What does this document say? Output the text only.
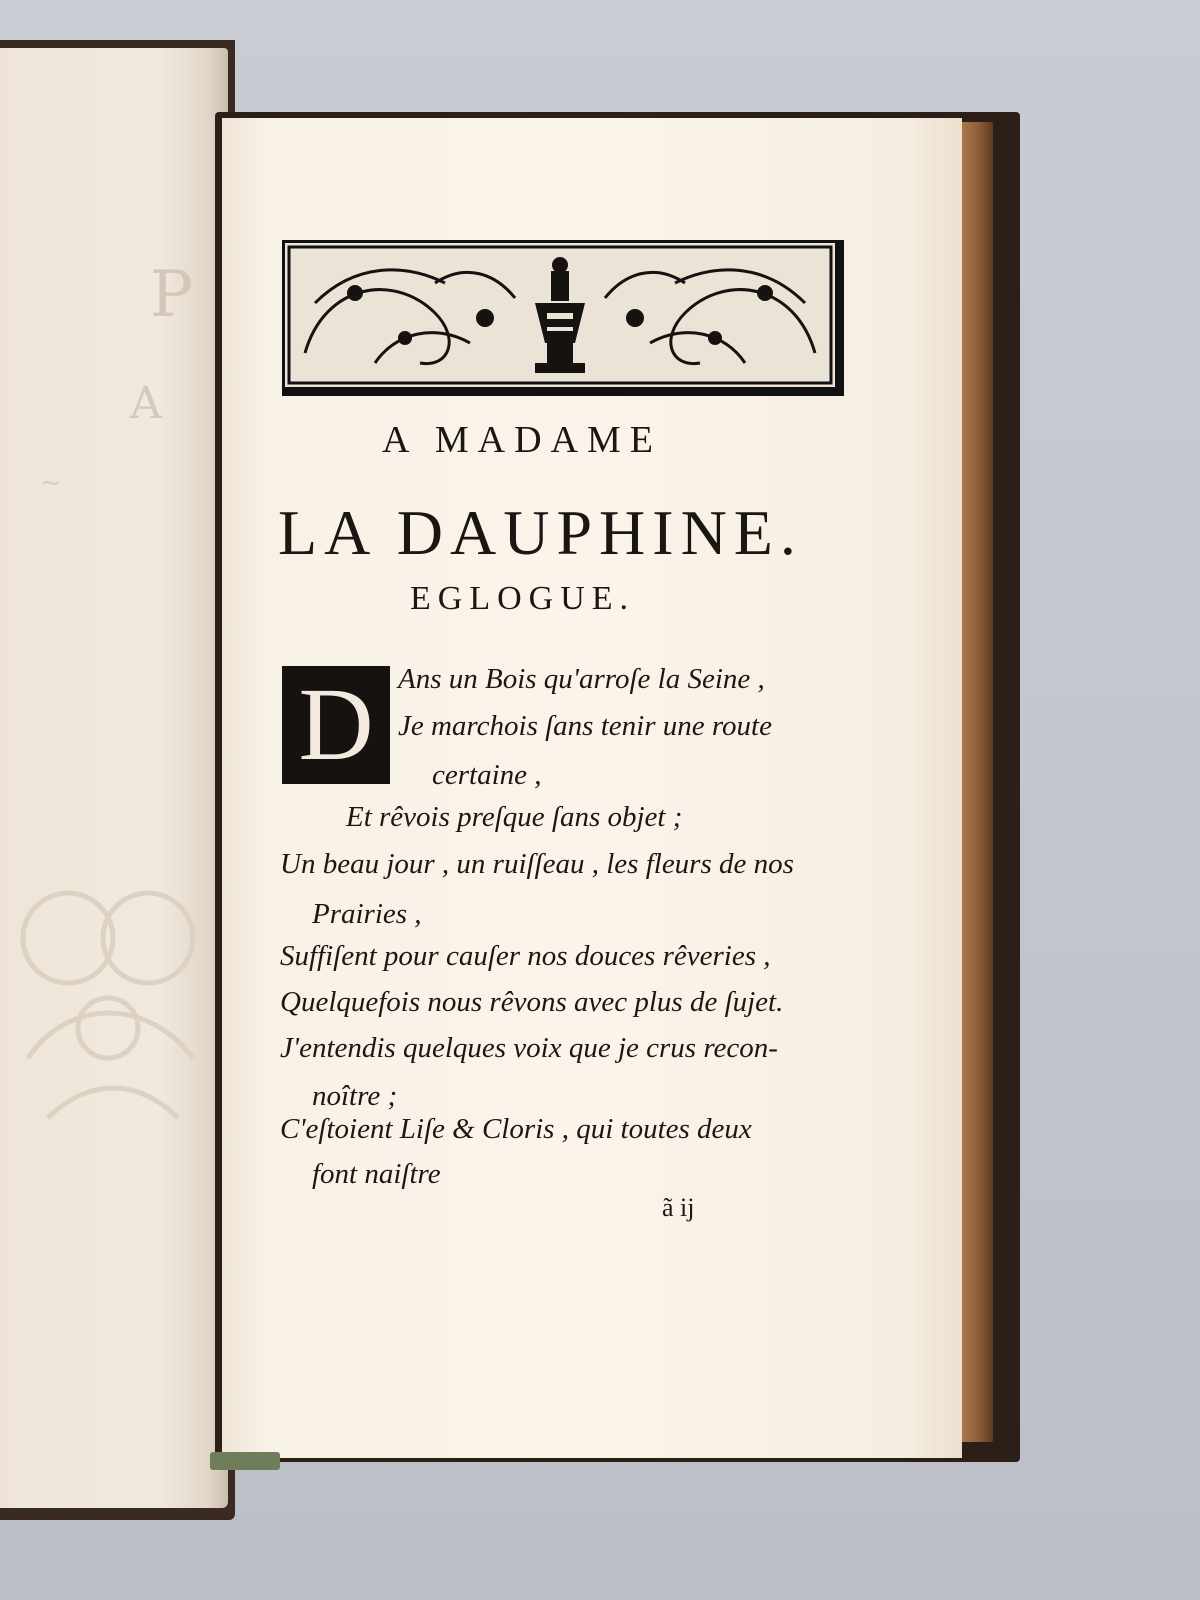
P
A
~
A MADAME
LA DAUPHINE.
EGLOGUE.
D Ans un Bois qu'arroſe la Seine ,
Je marchois ſans tenir une route
certaine ,
Et rêvois preſque ſans objet ;
Un beau jour , un ruiſſeau , les fleurs de nos
Prairies ,
Suffiſent pour cauſer nos douces rêveries ,
Quelquefois nous rêvons avec plus de ſujet.
J'entendis quelques voix que je crus recon-
noître ;
C'eſtoient Liſe & Cloris , qui toutes deux
font naiſtre
ã ij
